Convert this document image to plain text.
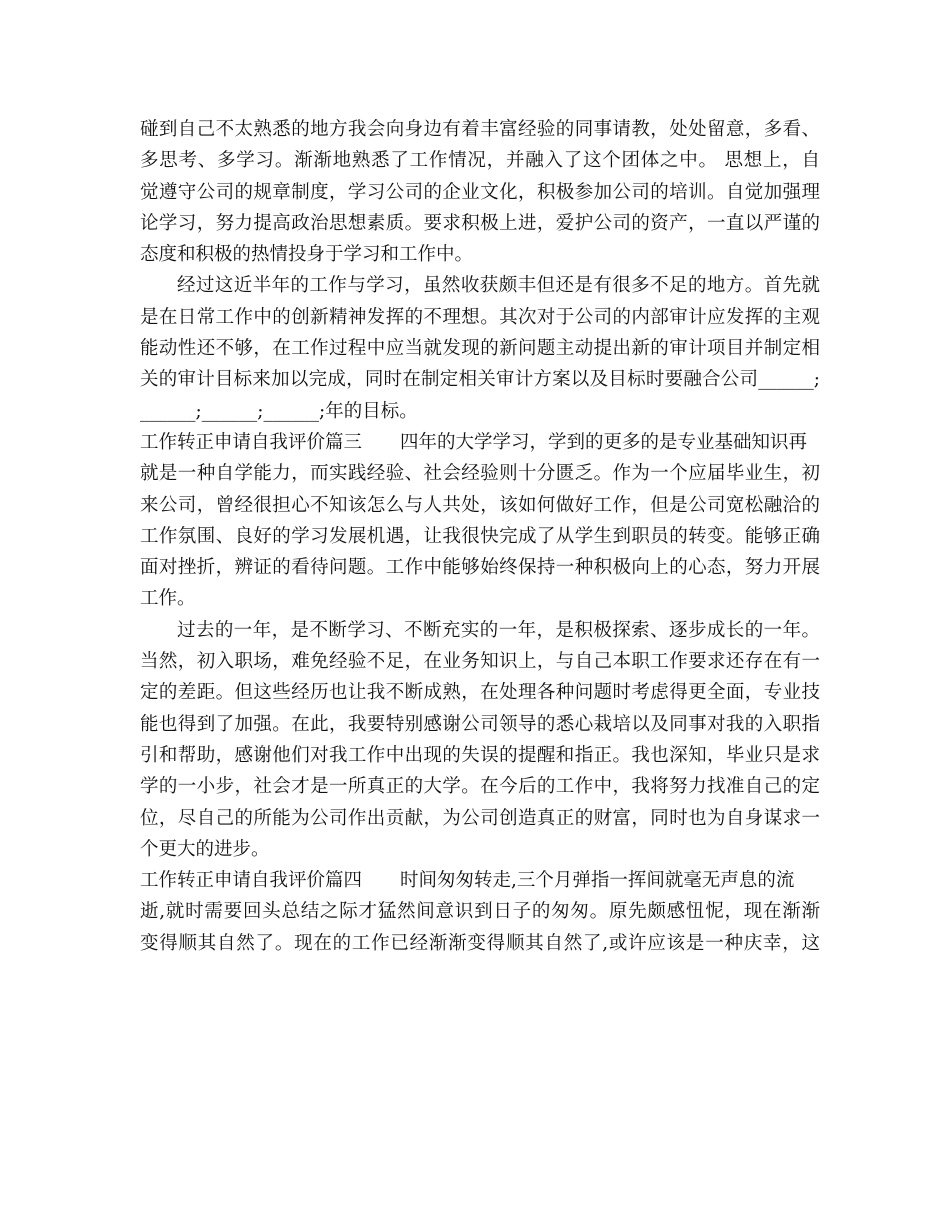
碰到自己不太熟悉的地方我会向身边有着丰富经验的同事请教，处处留意，多看、
多思考、多学习。渐渐地熟悉了工作情况，并融入了这个团体之中。 思想上，自
觉遵守公司的规章制度，学习公司的企业文化，积极参加公司的培训。自觉加强理
论学习，努力提高政治思想素质。要求积极上进，爱护公司的资产，一直以严谨的
态度和积极的热情投身于学习和工作中。
经过这近半年的工作与学习，虽然收获颇丰但还是有很多不足的地方。首先就
是在日常工作中的创新精神发挥的不理想。其次对于公司的内部审计应发挥的主观
能动性还不够，在工作过程中应当就发现的新问题主动提出新的审计项目并制定相
关的审计目标来加以完成，同时在制定相关审计方案以及目标时要融合公司______;
______;______;______;年的目标。
工作转正申请自我评价篇三 四年的大学学习，学到的更多的是专业基础知识再
就是一种自学能力，而实践经验、社会经验则十分匮乏。作为一个应届毕业生，初
来公司，曾经很担心不知该怎么与人共处，该如何做好工作，但是公司宽松融洽的
工作氛围、良好的学习发展机遇，让我很快完成了从学生到职员的转变。能够正确
面对挫折，辨证的看待问题。工作中能够始终保持一种积极向上的心态，努力开展
工作。
过去的一年，是不断学习、不断充实的一年，是积极探索、逐步成长的一年。
当然，初入职场，难免经验不足，在业务知识上，与自己本职工作要求还存在有一
定的差距。但这些经历也让我不断成熟，在处理各种问题时考虑得更全面，专业技
能也得到了加强。在此，我要特别感谢公司领导的悉心栽培以及同事对我的入职指
引和帮助，感谢他们对我工作中出现的失误的提醒和指正。我也深知，毕业只是求
学的一小步，社会才是一所真正的大学。在今后的工作中，我将努力找准自己的定
位，尽自己的所能为公司作出贡献，为公司创造真正的财富，同时也为自身谋求一
个更大的进步。
工作转正申请自我评价篇四 时间匆匆转走,三个月弹指一挥间就毫无声息的流
逝,就时需要回头总结之际才猛然间意识到日子的匆匆。原先颇感忸怩，现在渐渐
变得顺其自然了。现在的工作已经渐渐变得顺其自然了,或许应该是一种庆幸，这
